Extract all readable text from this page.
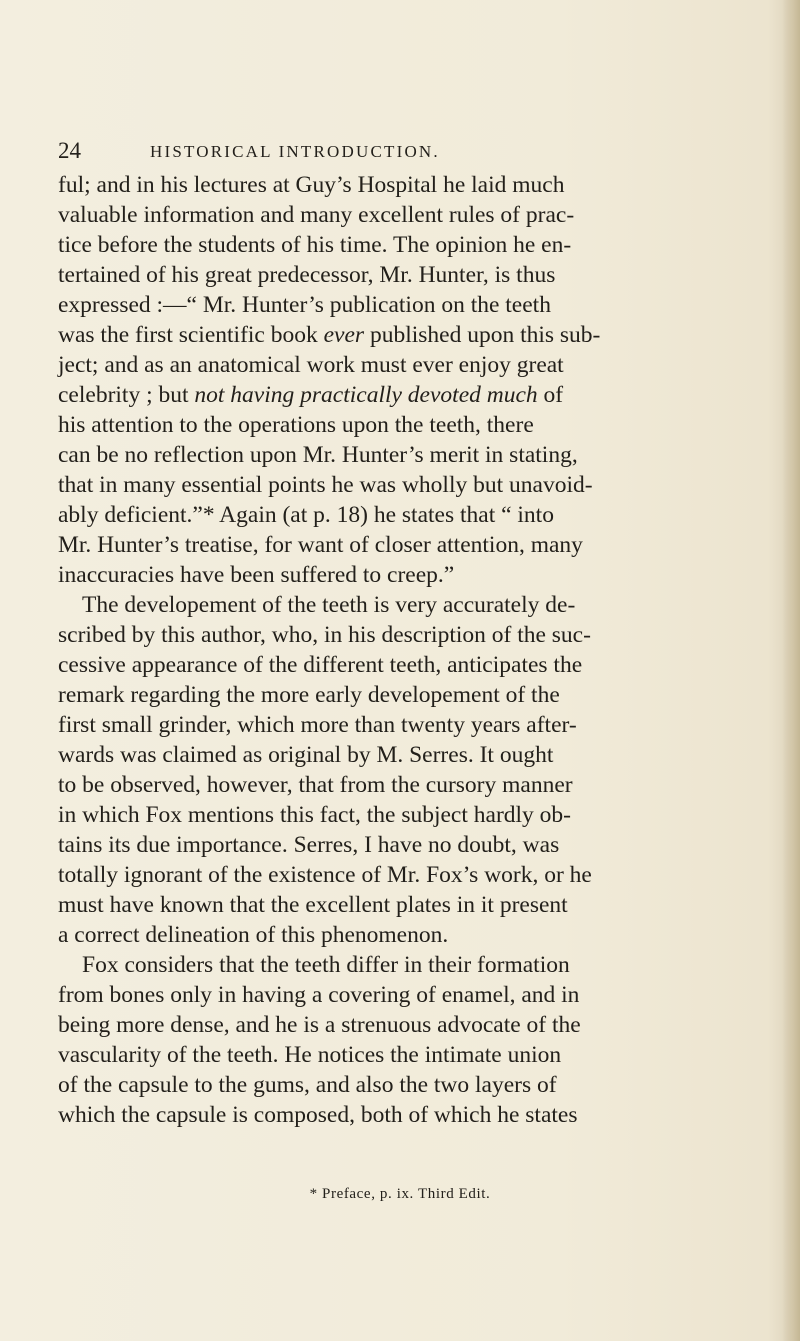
24	HISTORICAL INTRODUCTION.
ful; and in his lectures at Guy’s Hospital he laid much
valuable information and many excellent rules of prac-
tice before the students of his time. The opinion he en-
tertained of his great predecessor, Mr. Hunter, is thus
expressed :—“ Mr. Hunter’s publication on the teeth
was the first scientific book ever published upon this sub-
ject; and as an anatomical work must ever enjoy great
celebrity ; but not having practically devoted much of
his attention to the operations upon the teeth, there
can be no reflection upon Mr. Hunter’s merit in stating,
that in many essential points he was wholly but unavoid-
ably deficient.”* Again (at p. 18) he states that “ into
Mr. Hunter’s treatise, for want of closer attention, many
inaccuracies have been suffered to creep.”
The developement of the teeth is very accurately de-
scribed by this author, who, in his description of the suc-
cessive appearance of the different teeth, anticipates the
remark regarding the more early developement of the
first small grinder, which more than twenty years after-
wards was claimed as original by M. Serres. It ought
to be observed, however, that from the cursory manner
in which Fox mentions this fact, the subject hardly ob-
tains its due importance. Serres, I have no doubt, was
totally ignorant of the existence of Mr. Fox’s work, or he
must have known that the excellent plates in it present
a correct delineation of this phenomenon.
Fox considers that the teeth differ in their formation
from bones only in having a covering of enamel, and in
being more dense, and he is a strenuous advocate of the
vascularity of the teeth. He notices the intimate union
of the capsule to the gums, and also the two layers of
which the capsule is composed, both of which he states
* Preface, p. ix. Third Edit.
